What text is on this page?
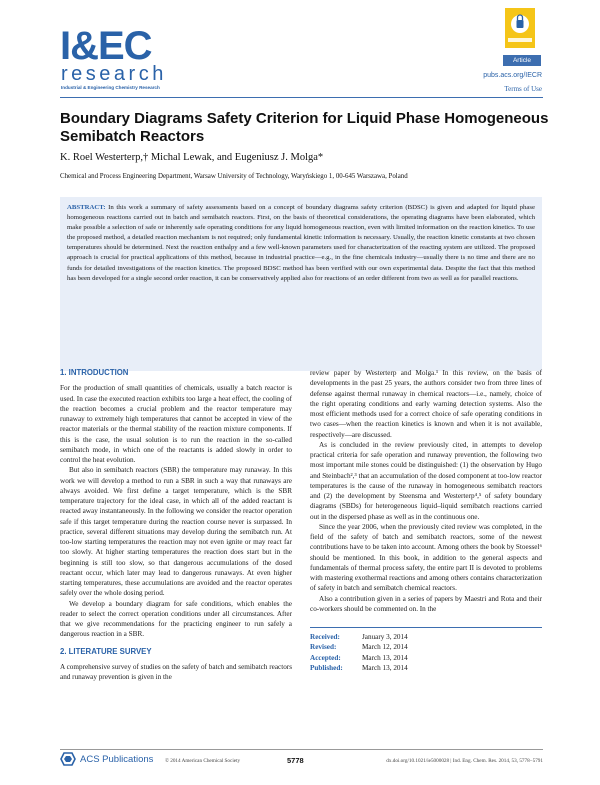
I&EC
research
Industrial & Engineering Chemistry Research
Article
pubs.acs.org/IECR
Terms of Use
Boundary Diagrams Safety Criterion for Liquid Phase Homogeneous Semibatch Reactors
K. Roel Westerterp,† Michal Lewak, and Eugeniusz J. Molga*
Chemical and Process Engineering Department, Warsaw University of Technology, Waryńskiego 1, 00-645 Warszawa, Poland
ABSTRACT: In this work a summary of safety assessments based on a concept of boundary diagrams safety criterion (BDSC) is given and adapted for liquid phase homogeneous reactions carried out in batch and semibatch reactors. First, on the basis of theoretical considerations, the operating diagrams have been elaborated, which make possible a selection of safe or inherently safe operating conditions for any liquid homogeneous reaction, even with limited information on the reaction kinetics. To use the proposed method, a detailed reaction mechanism is not required; only fundamental kinetic information is necessary. Usually, the reaction kinetic constants at two chosen temperatures should be determined. Next the reaction enthalpy and a few well-known parameters used for characterization of the reacting system are utilized. The proposed approach is crucial for practical applications of this method, because in industrial practice—e.g., in the fine chemicals industry—usually there is no time and there are no funds for detailed investigations of the reaction kinetics. The proposed BDSC method has been verified with our own experimental data. Despite the fact that this method has been developed for a single second order reaction, it can be conservatively applied also for reactions of an order different from two as well as for parallel reactions.
1. INTRODUCTION

For the production of small quantities of chemicals, usually a batch reactor is used. In case the executed reaction exhibits too large a heat effect, the cooling of the reaction becomes a crucial problem and the reactor temperature may runaway to extremely high temperatures that cannot be accepted in view of the reactor materials or the thermal stability of the reaction mixture components. If this is the case, the usual solution is to run the reaction in the so-called semibatch mode, in which one of the reactants is added slowly in order to control the heat evolution.

But also in semibatch reactors (SBR) the temperature may runaway. In this work we will develop a method to run a SBR in such a way that runaways are always avoided. We first define a target temperature, which is the SBR temperature trajectory for the ideal case, in which all of the added reactant is reacted away instantaneously. In the following we consider the reactor operation safe if this target temperature during the reaction course never is surpassed. In practice, several different situations may develop during the semibatch run. At too-low starting temperatures the reaction may not even ignite or may react far too slowly. At higher starting temperatures the reaction does start but in the beginning is still too slow, so that dangerous accumulations of the dosed reactant occur, which later may lead to dangerous runaways. At even higher starting temperatures, these accumulations are avoided and the reactor operates safely over the whole dosing period.

We develop a boundary diagram for safe conditions, which enables the reader to select the correct operation conditions under all circumstances. After that we give recommendations for the practicing engineer to run safely a dangerous reaction in a SBR.

2. LITERATURE SURVEY

A comprehensive survey of studies on the safety of batch and semibatch reactors and runaway prevention is given in the

review paper by Westerterp and Molga.¹ In this review, on the basis of developments in the past 25 years, the authors consider two from three lines of defense against thermal runaway in chemical reactors—i.e., namely, choice of the right operating conditions and early warning detection systems. Also the most efficient methods used for a correct choice of safe operating conditions in two cases—when the reaction kinetics is known and when it is not available, respectively—are discussed.

As is concluded in the review previously cited, in attempts to develop practical criteria for safe operation and runaway prevention, the following two most important mile stones could be distinguished: (1) the observation by Hugo and Steinbach²,³ that an accumulation of the dosed component at too-low reactor temperatures is the cause of the runaway in homogeneous semibatch reactors and (2) the development by Steensma and Westerterp⁴,⁵ of safety boundary diagrams (SBDs) for heterogeneous liquid–liquid semibatch reactions carried out in the dispersed phase as well as in the continuous one.

Since the year 2006, when the previously cited review was completed, in the field of the safety of batch and semibatch reactors, some of the newest contributions have to be taken into account. Among others the book by Stoessel⁶ should be mentioned. In this book, in addition to the general aspects and fundamentals of thermal process safety, the entire part II is devoted to problems with mastering exothermal reactions and among others contains characterization of safety in batch and semibatch chemical reactors.

Also a contribution given in a series of papers by Maestri and Rota and their co-workers should be commented on. In the

Received:	January 3, 2014
Revised:	March 12, 2014
Accepted:	March 13, 2014
Published:	March 13, 2014
ACS Publications © 2014 American Chemical Society	5778	dx.doi.org/10.1021/ie5000028 | Ind. Eng. Chem. Res. 2014, 53, 5778−5791
